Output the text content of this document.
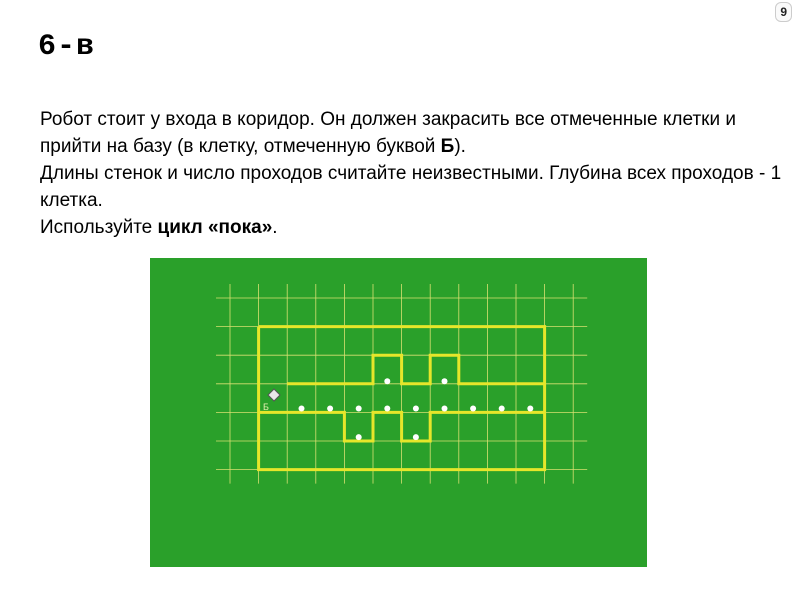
9
6-в

Робот стоит у входа в коридор. Он должен закрасить все отмеченные клетки и прийти на базу (в клетку, отмеченную буквой Б).

Длины стенок и число проходов считайте неизвестными. Глубина всех проходов - 1 клетка.

Используйте цикл «пока».

Б
